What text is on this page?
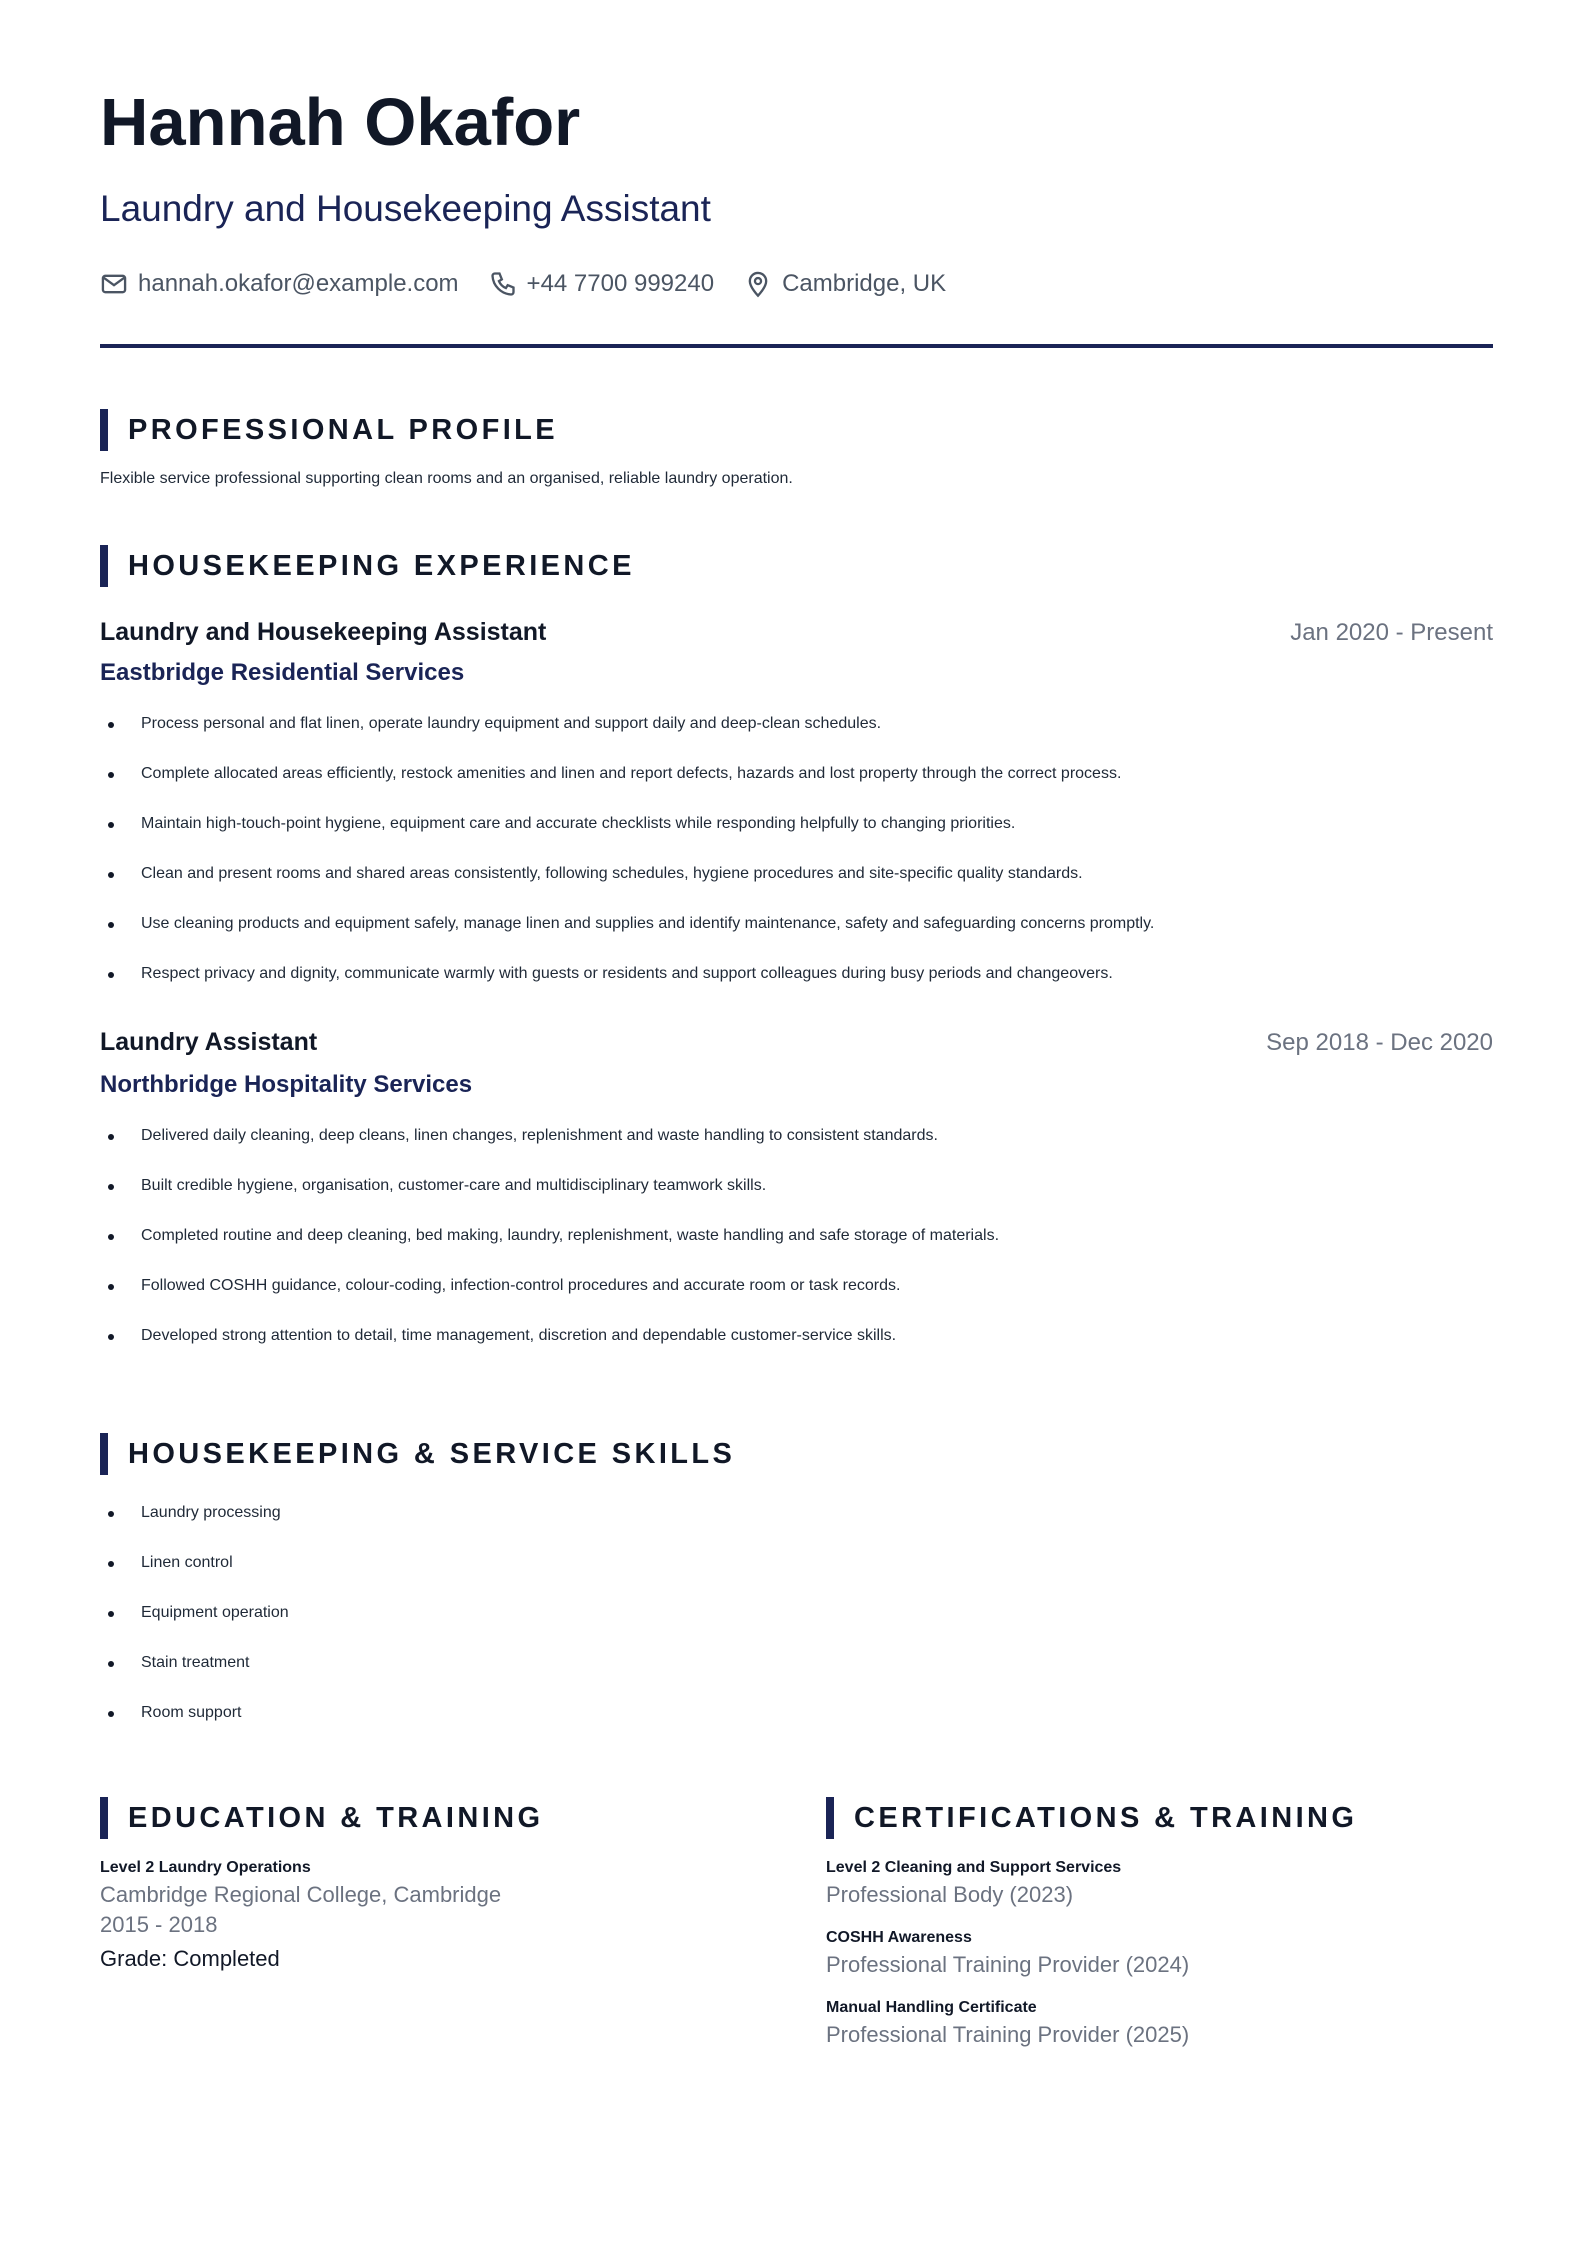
Hannah Okafor

Laundry and Housekeeping Assistant

hannah.okafor@example.com	+44 7700 999240	Cambridge, UK
PROFESSIONAL PROFILE

Flexible service professional supporting clean rooms and an organised, reliable laundry operation.

HOUSEKEEPING EXPERIENCE

Laundry and Housekeeping Assistant	Jan 2020 - Present

Eastbridge Residential Services

Process personal and flat linen, operate laundry equipment and support daily and deep-clean schedules.
Complete allocated areas efficiently, restock amenities and linen and report defects, hazards and lost property through the correct process.
Maintain high-touch-point hygiene, equipment care and accurate checklists while responding helpfully to changing priorities.
Clean and present rooms and shared areas consistently, following schedules, hygiene procedures and site-specific quality standards.
Use cleaning products and equipment safely, manage linen and supplies and identify maintenance, safety and safeguarding concerns promptly.
Respect privacy and dignity, communicate warmly with guests or residents and support colleagues during busy periods and changeovers.

Laundry Assistant	Sep 2018 - Dec 2020

Northbridge Hospitality Services

Delivered daily cleaning, deep cleans, linen changes, replenishment and waste handling to consistent standards.
Built credible hygiene, organisation, customer-care and multidisciplinary teamwork skills.
Completed routine and deep cleaning, bed making, laundry, replenishment, waste handling and safe storage of materials.
Followed COSHH guidance, colour-coding, infection-control procedures and accurate room or task records.
Developed strong attention to detail, time management, discretion and dependable customer-service skills.
HOUSEKEEPING & SERVICE SKILLS
Laundry processing
Linen control
Equipment operation
Stain treatment
Room support
EDUCATION & TRAINING

Level 2 Laundry Operations

Cambridge Regional College, Cambridge

2015 - 2018

Grade: Completed

CERTIFICATIONS & TRAINING

Level 2 Cleaning and Support Services

Professional Body (2023)

COSHH Awareness

Professional Training Provider (2024)

Manual Handling Certificate

Professional Training Provider (2025)
